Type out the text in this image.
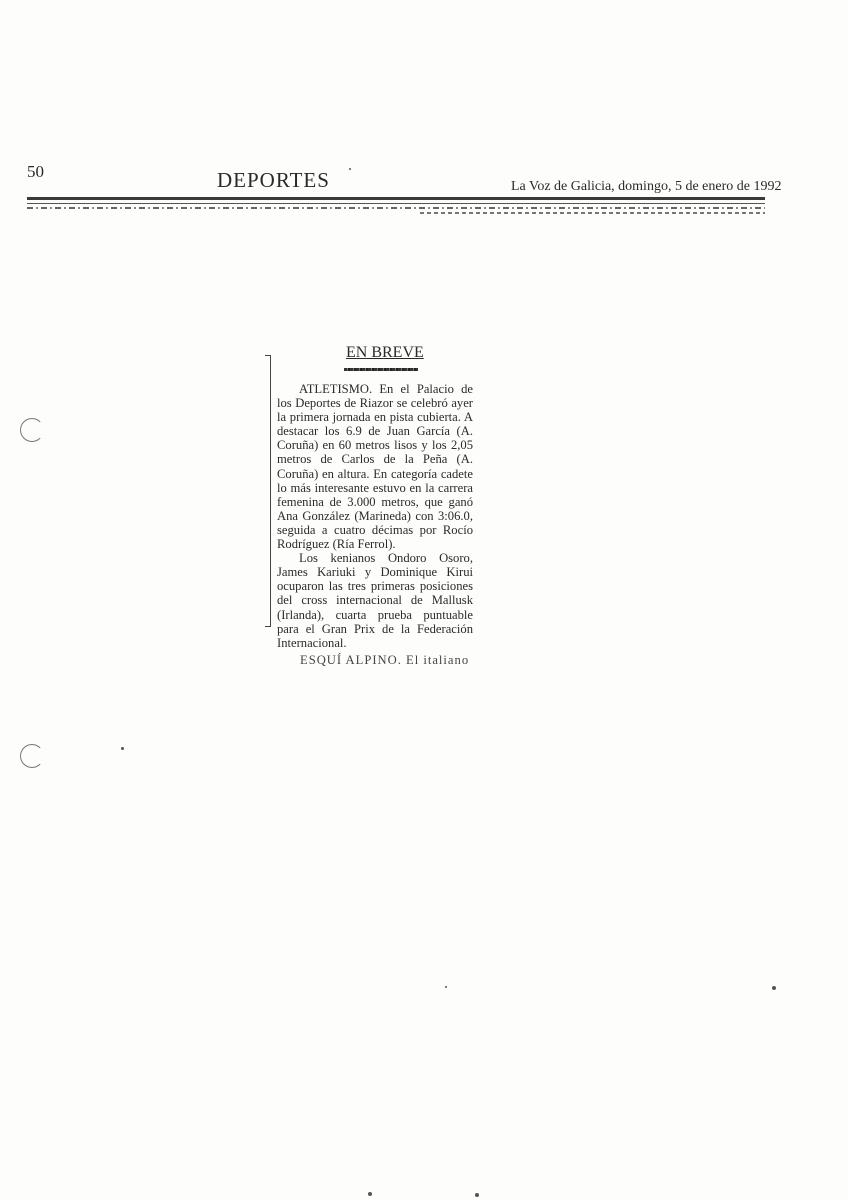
50	DEPORTES	La Voz de Galicia, domingo, 5 de enero de 1992
EN BREVE

ATLETISMO. En el Palacio de los Deportes de Riazor se celebró ayer la primera jornada en pista cubierta. A destacar los 6.9 de Juan García (A. Coruña) en 60 metros lisos y los 2,05 metros de Carlos de la Peña (A. Coruña) en altura. En categoría cadete lo más interesante estuvo en la carrera femenina de 3.000 metros, que ganó Ana González (Marineda) con 3:06.0, seguida a cuatro décimas por Rocío Rodríguez (Ría Ferrol).

Los kenianos Ondoro Osoro, James Kariuki y Dominique Kirui ocuparon las tres primeras posiciones del cross internacional de Mallusk (Irlanda), cuarta prueba puntuable para el Gran Prix de la Federación Internacional.

ESQUÍ ALPINO. El italiano
